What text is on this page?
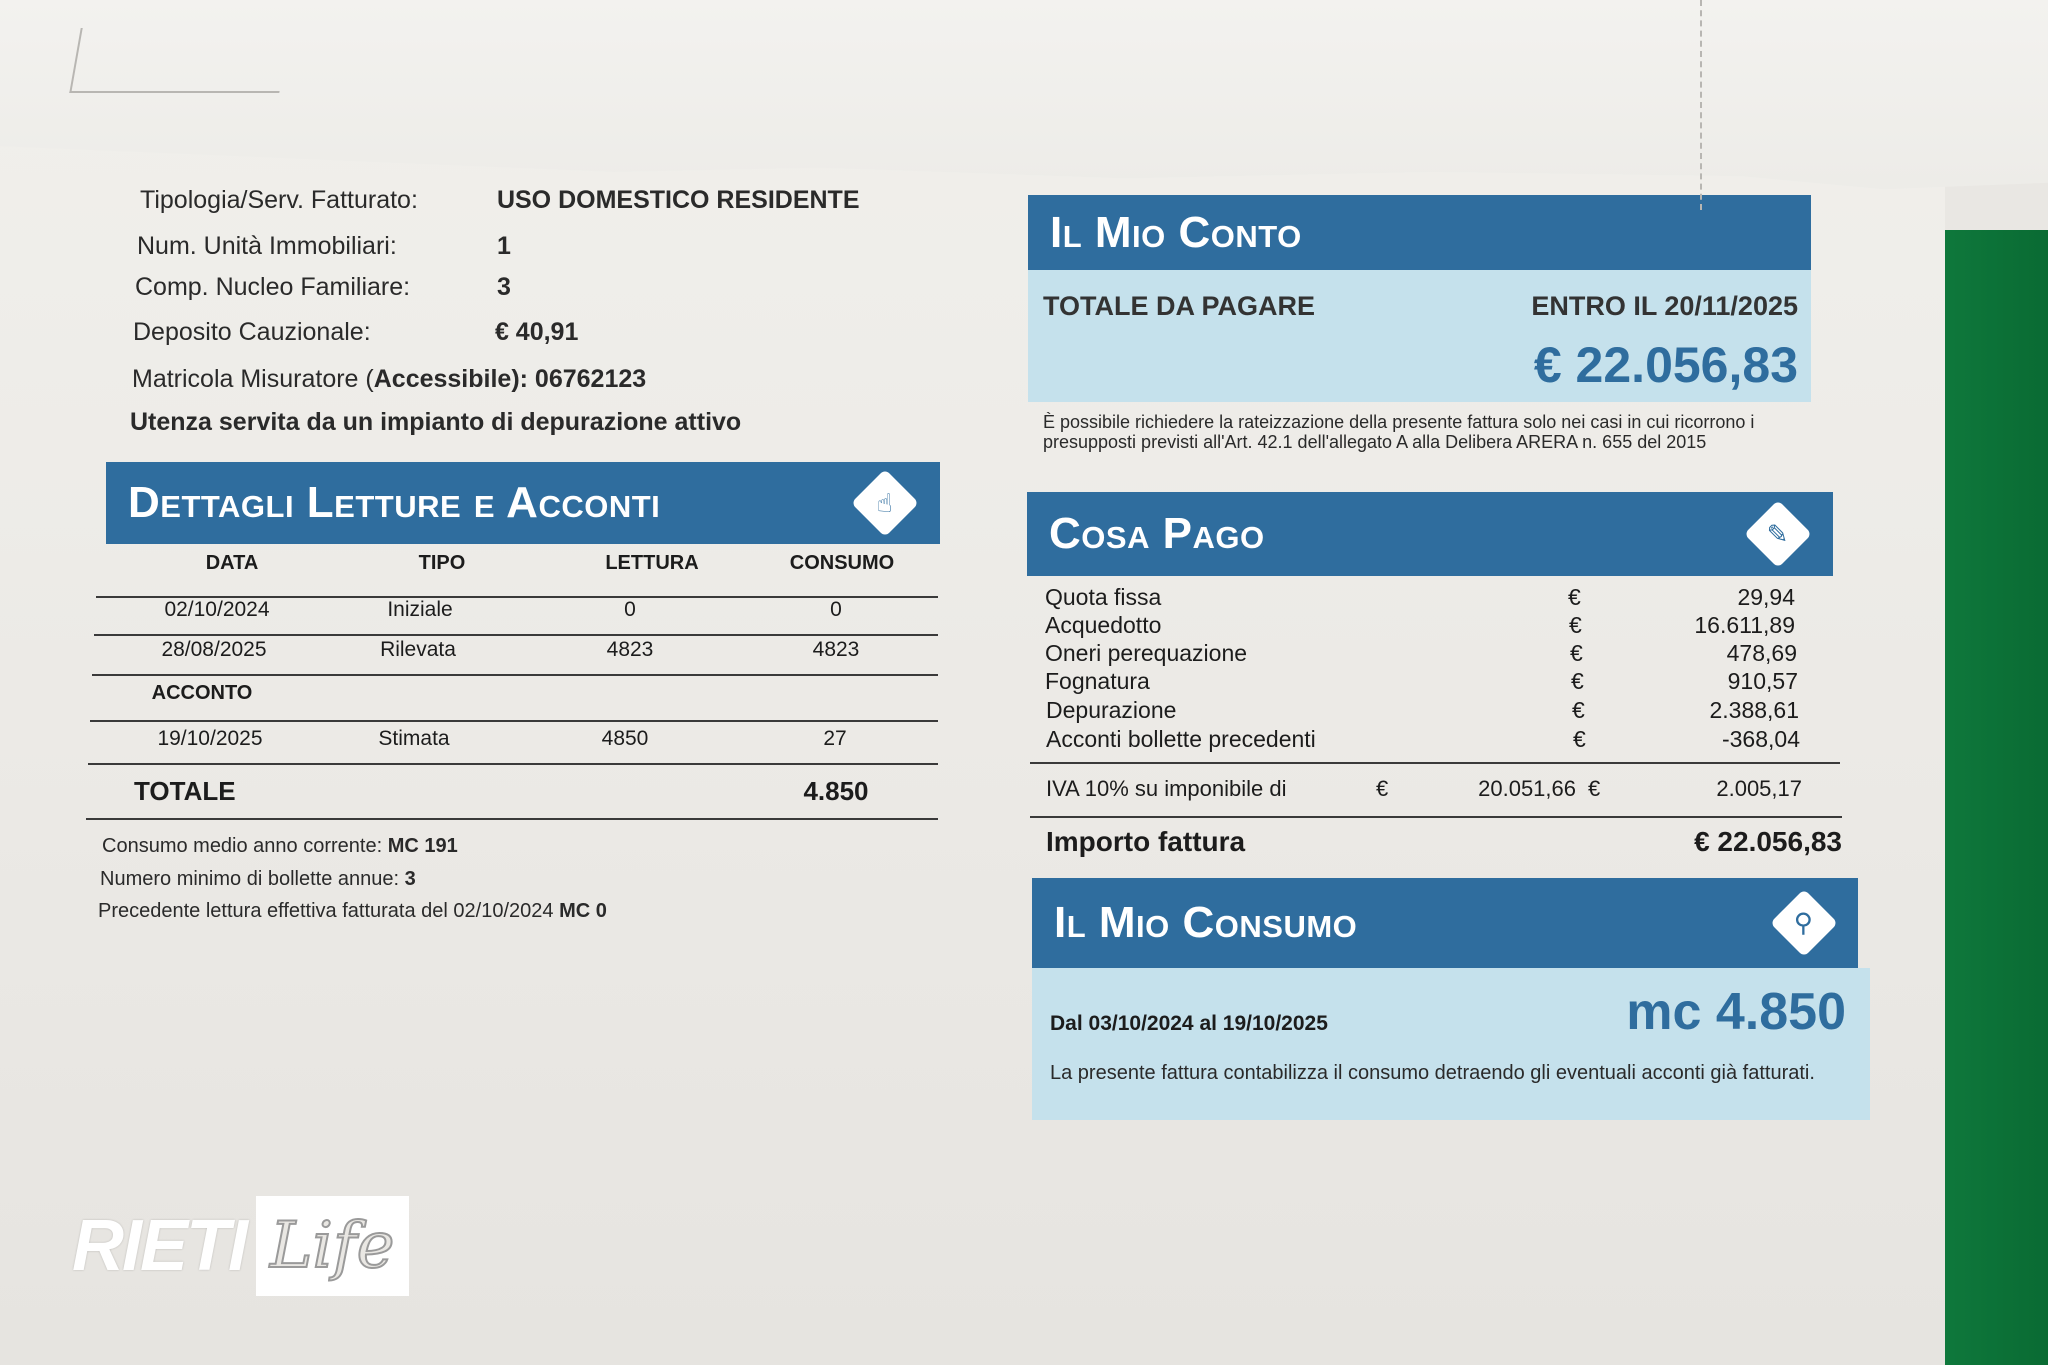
Tipologia/Serv. Fatturato:	USO DOMESTICO RESIDENTE
Num. Unità Immobiliari:	1
Comp. Nucleo Familiare:	3
Deposito Cauzionale:	€ 40,91
Matricola Misuratore (Accessibile): 06762123
Utenza servita da un impianto di depurazione attivo
Dettagli Letture e Acconti	☝
DATA	TIPO	LETTURA	CONSUMO
02/10/2024	Iniziale	0	0
28/08/2025	Rilevata	4823	4823
ACCONTO
19/10/2025	Stimata	4850	27
TOTALE	4.850
Consumo medio anno corrente: MC 191
Numero minimo di bollette annue: 3
Precedente lettura effettiva fatturata del 02/10/2024 MC 0
Il Mio Conto
TOTALE DA PAGARE	ENTRO IL 20/11/2025
€ 22.056,83
È possibile richiedere la rateizzazione della presente fattura solo nei casi in cui ricorrono i presupposti previsti all'Art. 42.1 dell'allegato A alla Delibera ARERA n. 655 del 2015
Cosa Pago	✎
Quota fissa	€	29,94
Acquedotto	€	16.611,89
Oneri perequazione	€	478,69
Fognatura	€	910,57
Depurazione	€	2.388,61
Acconti bollette precedenti	€	-368,04
IVA 10% su imponibile di	€	20.051,66 €	2.005,17
Importo fattura	€ 22.056,83
Il Mio Consumo	⚲
Dal 03/10/2024 al 19/10/2025	mc 4.850
La presente fattura contabilizza il consumo detraendo gli eventuali acconti già fatturati.
RIETI Life
